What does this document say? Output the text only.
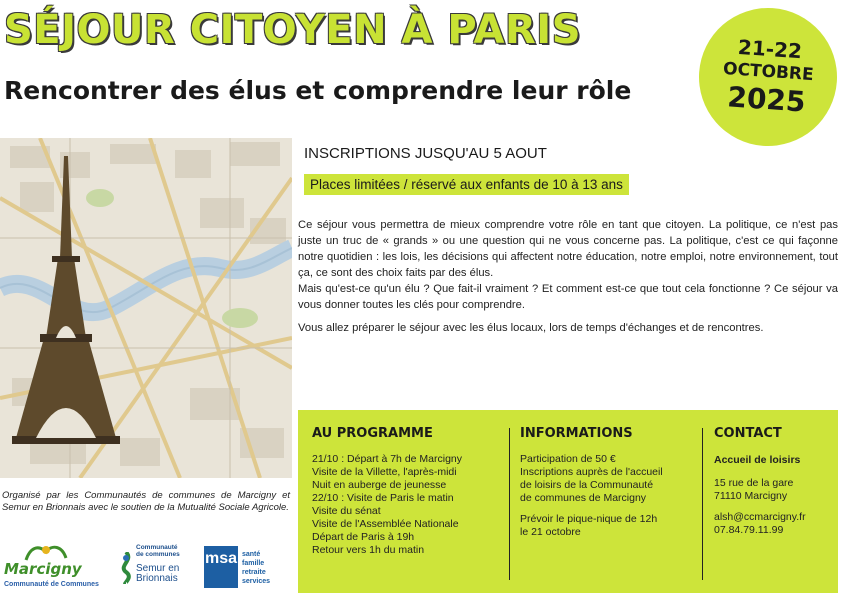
SÉJOUR CITOYEN À PARIS
Rencontrer des élus et comprendre leur rôle
21-22
OCTOBRE
2025
Organisé par les Communautés de communes de Marcigny et Semur en Brionnais avec le soutien de la Mutualité Sociale Agricole.
Marcigny
Communauté de Communes
Communauté
de communes
Semur en Brionnais
msa santé
famille
retraite
services
INSCRIPTIONS JUSQU'AU 5 AOUT
Places limitées / réservé aux enfants de 10 à 13 ans

Ce séjour vous permettra de mieux comprendre votre rôle en tant que citoyen. La politique, ce n'est pas juste un truc de « grands » ou une question qui ne vous concerne pas. La politique, c'est ce qui façonne notre quotidien : les lois, les décisions qui affectent notre éducation, notre emploi, notre environnement, tout ça, ce sont des choix faits par des élus.

Mais qu'est-ce qu'un élu ? Que fait-il vraiment ? Et comment est-ce que tout cela fonctionne ? Ce séjour va vous donner toutes les clés pour comprendre.

Vous allez préparer le séjour avec les élus locaux, lors de temps d'échanges et de rencontres.

AU PROGRAMME
21/10 : Départ à 7h de Marcigny
Visite de la Villette, l'après-midi
Nuit en auberge de jeunesse
22/10 : Visite de Paris le matin
Visite du sénat
Visite de l'Assemblée Nationale
Départ de Paris à 19h
Retour vers 1h du matin
INFORMATIONS
Participation de 50 €
Inscriptions auprès de l'accueil
de loisirs de la Communauté
de communes de Marcigny
Prévoir le pique-nique de 12h
le 21 octobre
CONTACT
Accueil de loisirs
15 rue de la gare
71110 Marcigny
alsh@ccmarcigny.fr
07.84.79.11.99
